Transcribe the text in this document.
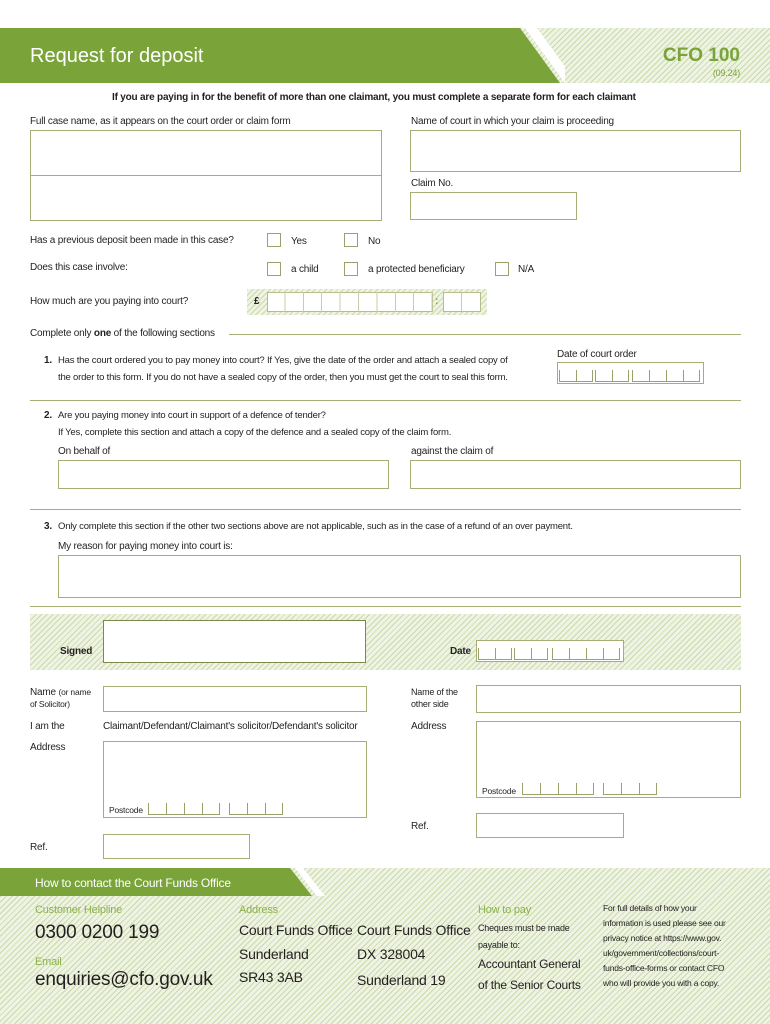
Request for deposit	CFO 100
(09.24)
If you are paying in for the benefit of more than one claimant, you must complete a separate form for each claimant
Full case name, as it appears on the court order or claim form	Name of court in which your claim is proceeding
Claim No.
Has a previous deposit been made in this case?	Yes	No
Does this case involve:	a child	a protected beneficiary	N/A
How much are you paying into court?	£	:
Complete only one of the following sections
1. Has the court ordered you to pay money into court? If Yes, give the date of the order and attach a sealed copy of
the order to this form. If you do not have a sealed copy of the order, then you must get the court to seal this form.
Date of court order
2. Are you paying money into court in support of a defence of tender?
If Yes, complete this section and attach a copy of the defence and a sealed copy of the claim form.
On behalf of	against the claim of
3. Only complete this section if the other two sections above are not applicable, such as in the case of a refund of an over payment.
My reason for paying money into court is:
Signed	Date
Name (or name
of Solicitor)
I am the	Claimant/Defendant/Claimant's solicitor/Defendant's solicitor
Address
Postcode
Ref.
Name of the
other side
Address
Postcode
Ref.
How to contact the Court Funds Office
Customer Helpline
0300 0200 199
Email
enquiries@cfo.gov.uk
Address
Court Funds Office
Sunderland
SR43 3AB
Court Funds Office
DX 328004
Sunderland 19
How to pay
Cheques must be made
payable to:
Accountant General
of the Senior Courts
For full details of how your
information is used please see our
privacy notice at https://www.gov.
uk/government/collections/court-
funds-office-forms or contact CFO
who will provide you with a copy.
